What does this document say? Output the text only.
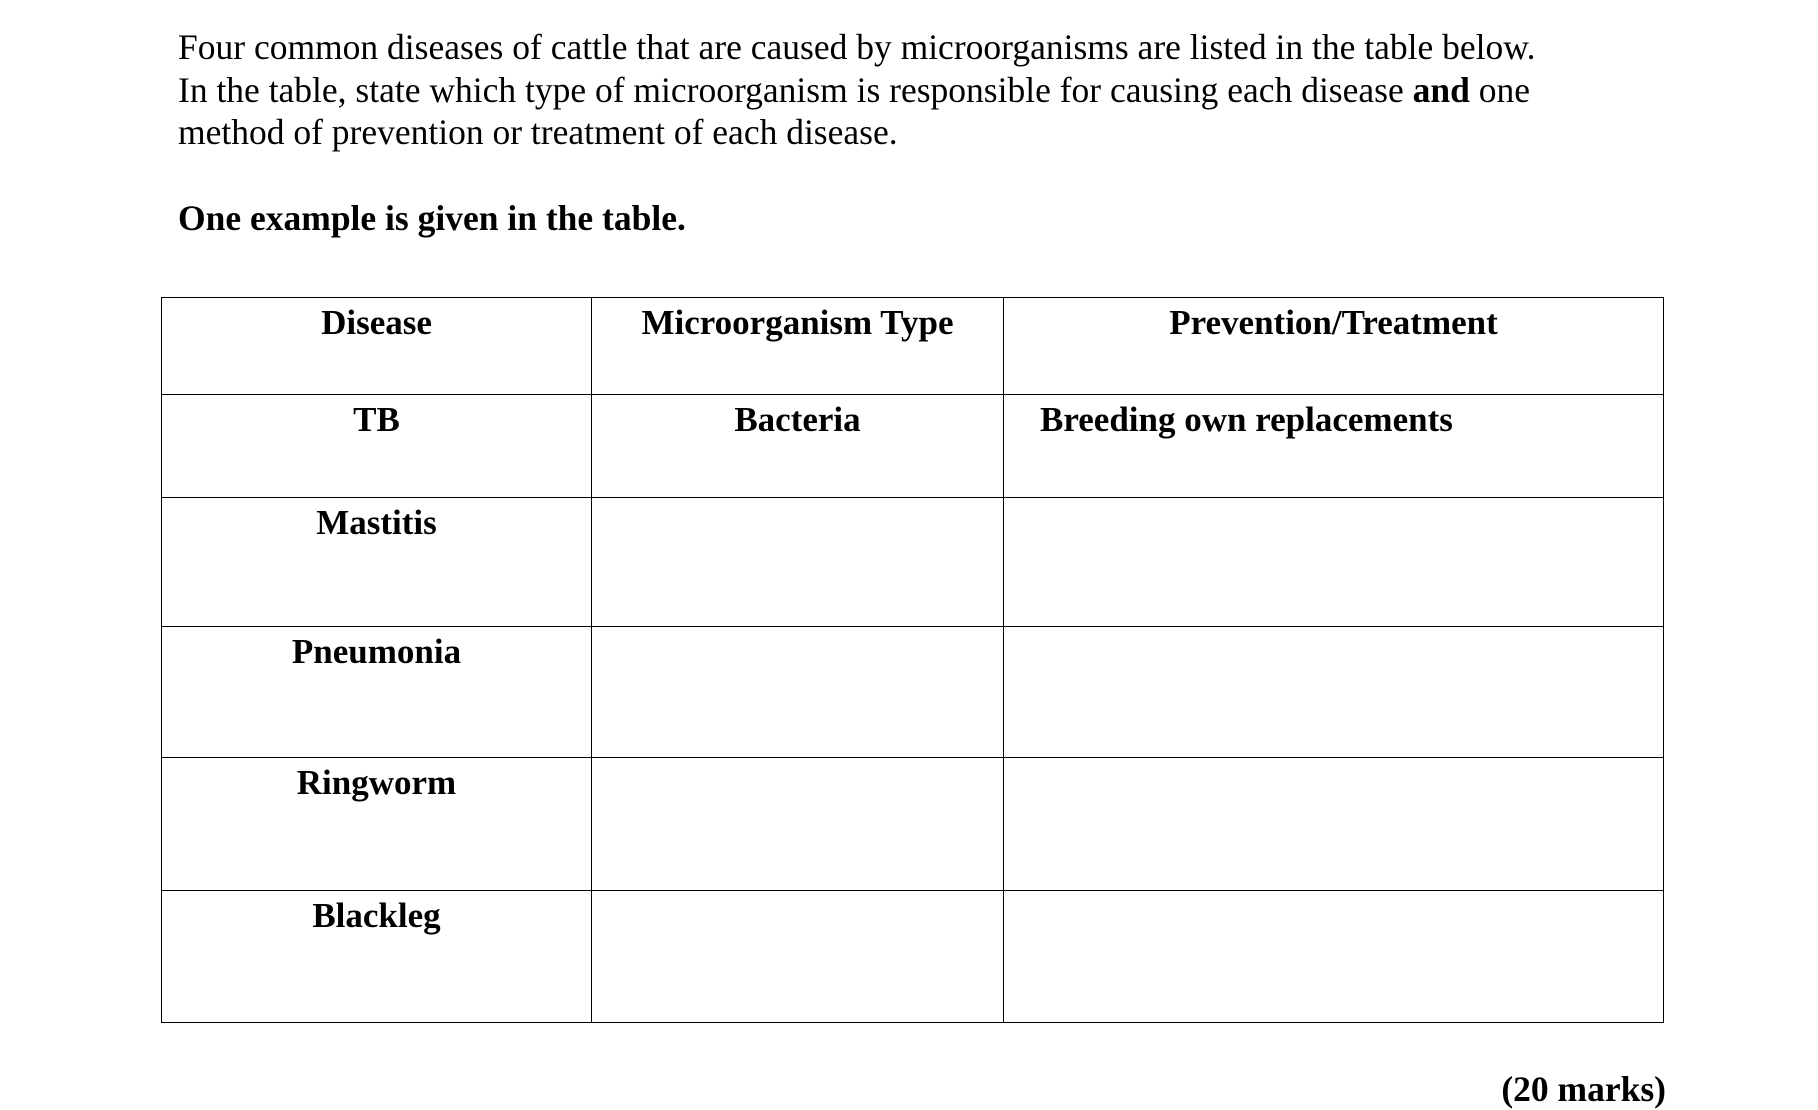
Four common diseases of cattle that are caused by microorganisms are listed in the table below.
In the table, state which type of microorganism is responsible for causing each disease and one
method of prevention or treatment of each disease.

One example is given in the table.

Disease	Microorganism Type	Prevention/Treatment
TB	Bacteria	Breeding own replacements
Mastitis		
Pneumonia		
Ringworm		
Blackleg		

(20 marks)
